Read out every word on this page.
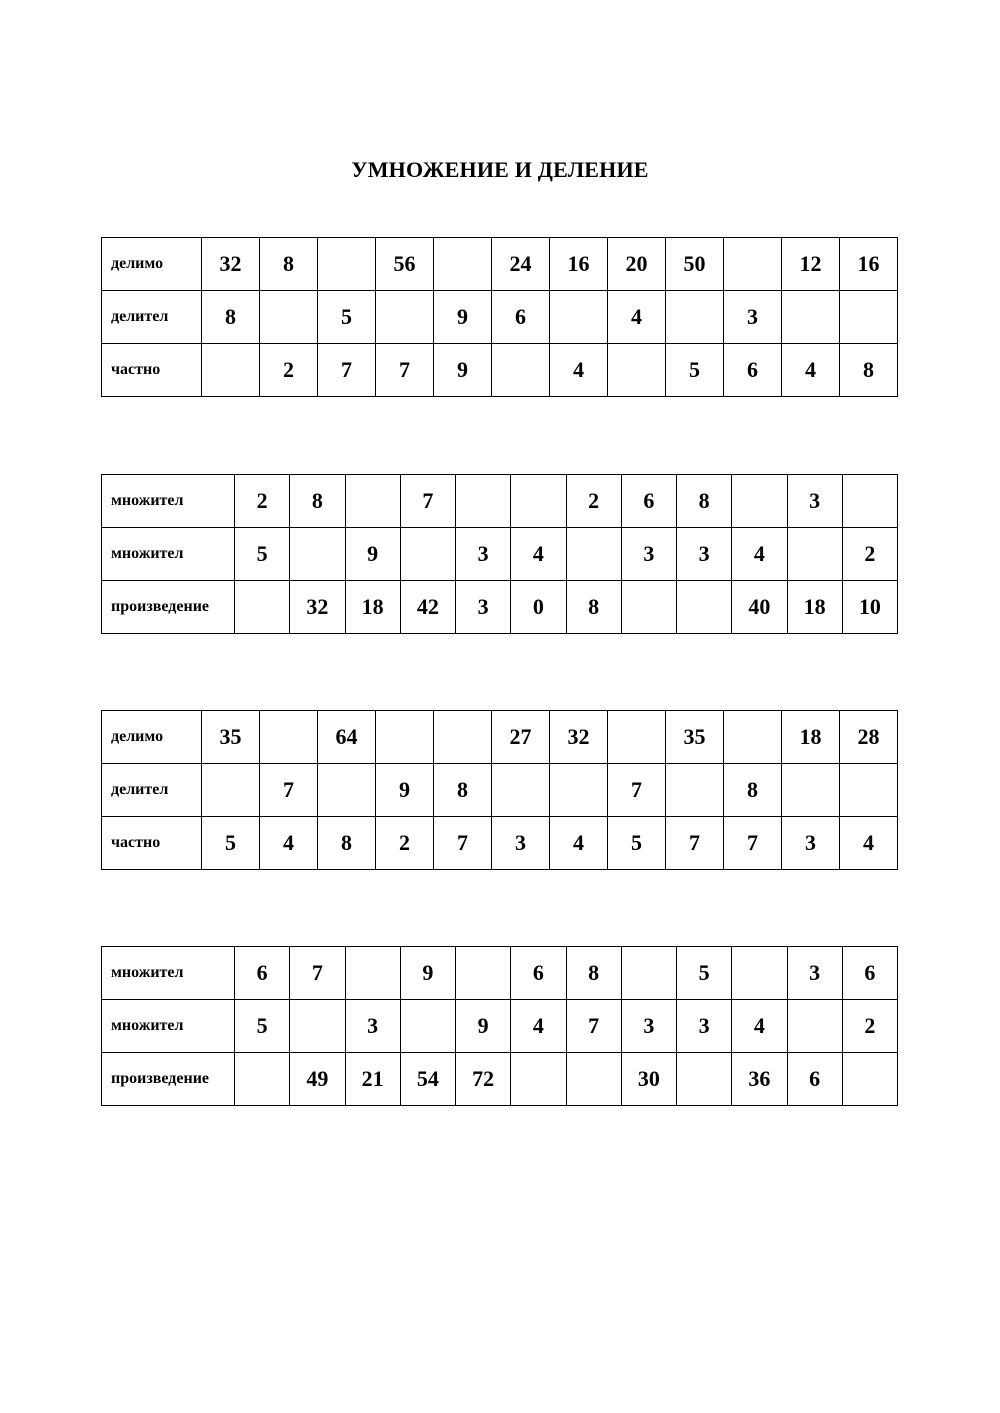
УМНОЖЕНИЕ И ДЕЛЕНИЕ
делимо	32	8		56		24	16	20	50		12	16
делител	8		5		9	6		4		3		
частно		2	7	7	9		4		5	6	4	8
множител	2	8		7			2	6	8		3	
множител	5		9		3	4		3	3	4		2
произведение		32	18	42	3	0	8			40	18	10
делимо	35		64			27	32		35		18	28
делител		7		9	8			7		8		
частно	5	4	8	2	7	3	4	5	7	7	3	4
множител	6	7		9		6	8		5		3	6
множител	5		3		9	4	7	3	3	4		2
произведение		49	21	54	72			30		36	6	
